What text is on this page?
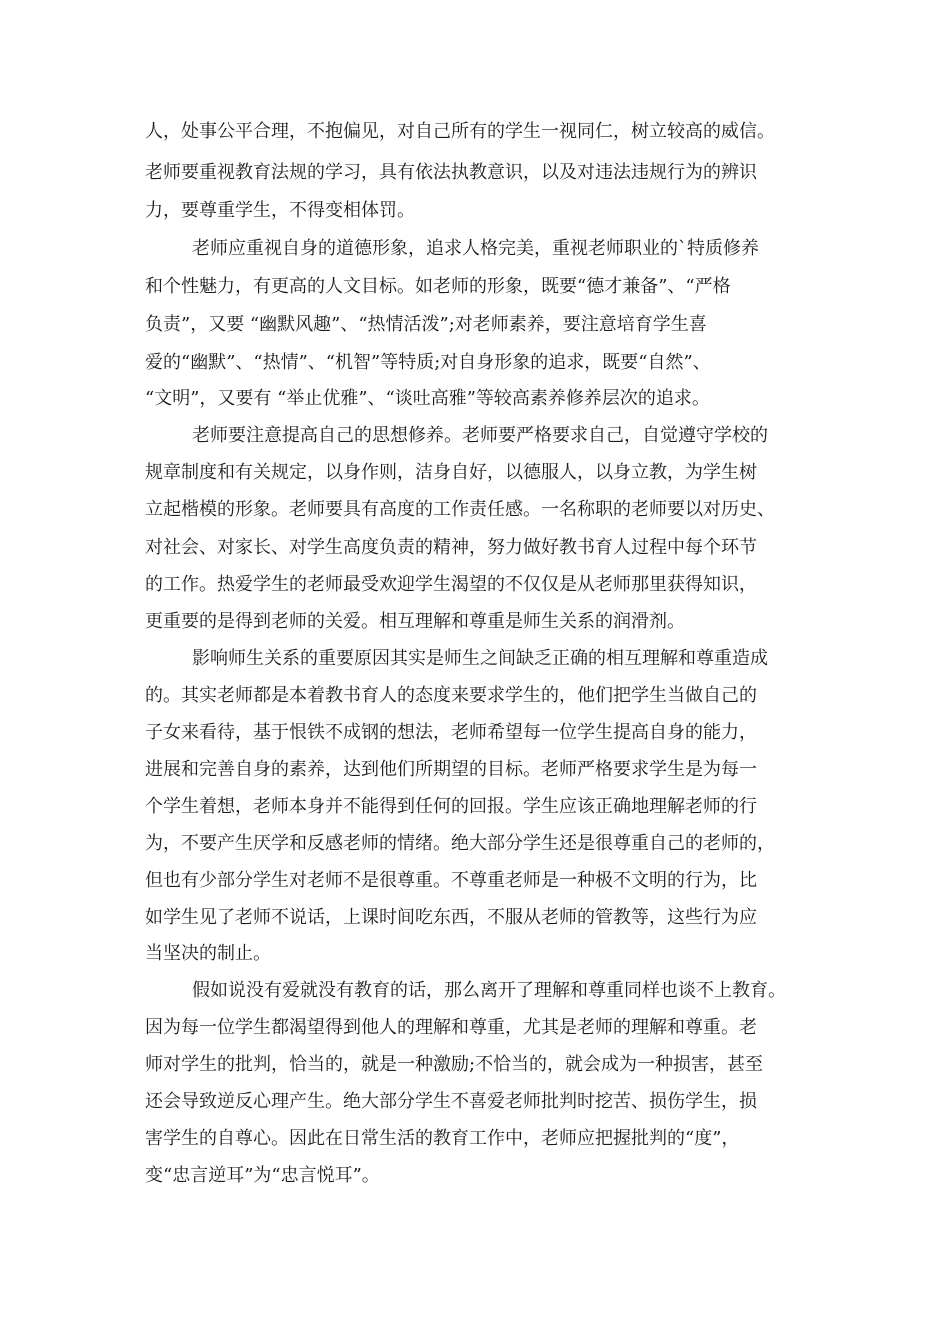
人，处事公平合理，不抱偏见，对自己所有的学生一视同仁，树立较高的威信。
老师要重视教育法规的学习，具有依法执教意识，以及对违法违规行为的辨识
力，要尊重学生，不得变相体罚。
老师应重视自身的道德形象，追求人格完美，重视老师职业的`特质修养
和个性魅力，有更高的人文目标。如老师的形象，既要“德才兼备”、“严格
负责”，又要 “幽默风趣”、“热情活泼”;对老师素养，要注意培育学生喜
爱的“幽默”、“热情”、“机智”等特质;对自身形象的追求，既要“自然”、
“文明”，又要有 “举止优雅”、“谈吐高雅”等较高素养修养层次的追求。
老师要注意提高自己的思想修养。老师要严格要求自己，自觉遵守学校的
规章制度和有关规定，以身作则，洁身自好，以德服人，以身立教，为学生树
立起楷模的形象。老师要具有高度的工作责任感。一名称职的老师要以对历史、
对社会、对家长、对学生高度负责的精神，努力做好教书育人过程中每个环节
的工作。热爱学生的老师最受欢迎学生渴望的不仅仅是从老师那里获得知识，
更重要的是得到老师的关爱。相互理解和尊重是师生关系的润滑剂。
影响师生关系的重要原因其实是师生之间缺乏正确的相互理解和尊重造成
的。其实老师都是本着教书育人的态度来要求学生的，他们把学生当做自己的
子女来看待，基于恨铁不成钢的想法，老师希望每一位学生提高自身的能力，
进展和完善自身的素养，达到他们所期望的目标。老师严格要求学生是为每一
个学生着想，老师本身并不能得到任何的回报。学生应该正确地理解老师的行
为，不要产生厌学和反感老师的情绪。绝大部分学生还是很尊重自己的老师的，
但也有少部分学生对老师不是很尊重。不尊重老师是一种极不文明的行为，比
如学生见了老师不说话，上课时间吃东西，不服从老师的管教等，这些行为应
当坚决的制止。
假如说没有爱就没有教育的话，那么离开了理解和尊重同样也谈不上教育。
因为每一位学生都渴望得到他人的理解和尊重，尤其是老师的理解和尊重。老
师对学生的批判，恰当的，就是一种激励;不恰当的，就会成为一种损害，甚至
还会导致逆反心理产生。绝大部分学生不喜爱老师批判时挖苦、损伤学生，损
害学生的自尊心。因此在日常生活的教育工作中，老师应把握批判的“度”，
变“忠言逆耳”为“忠言悦耳”。
